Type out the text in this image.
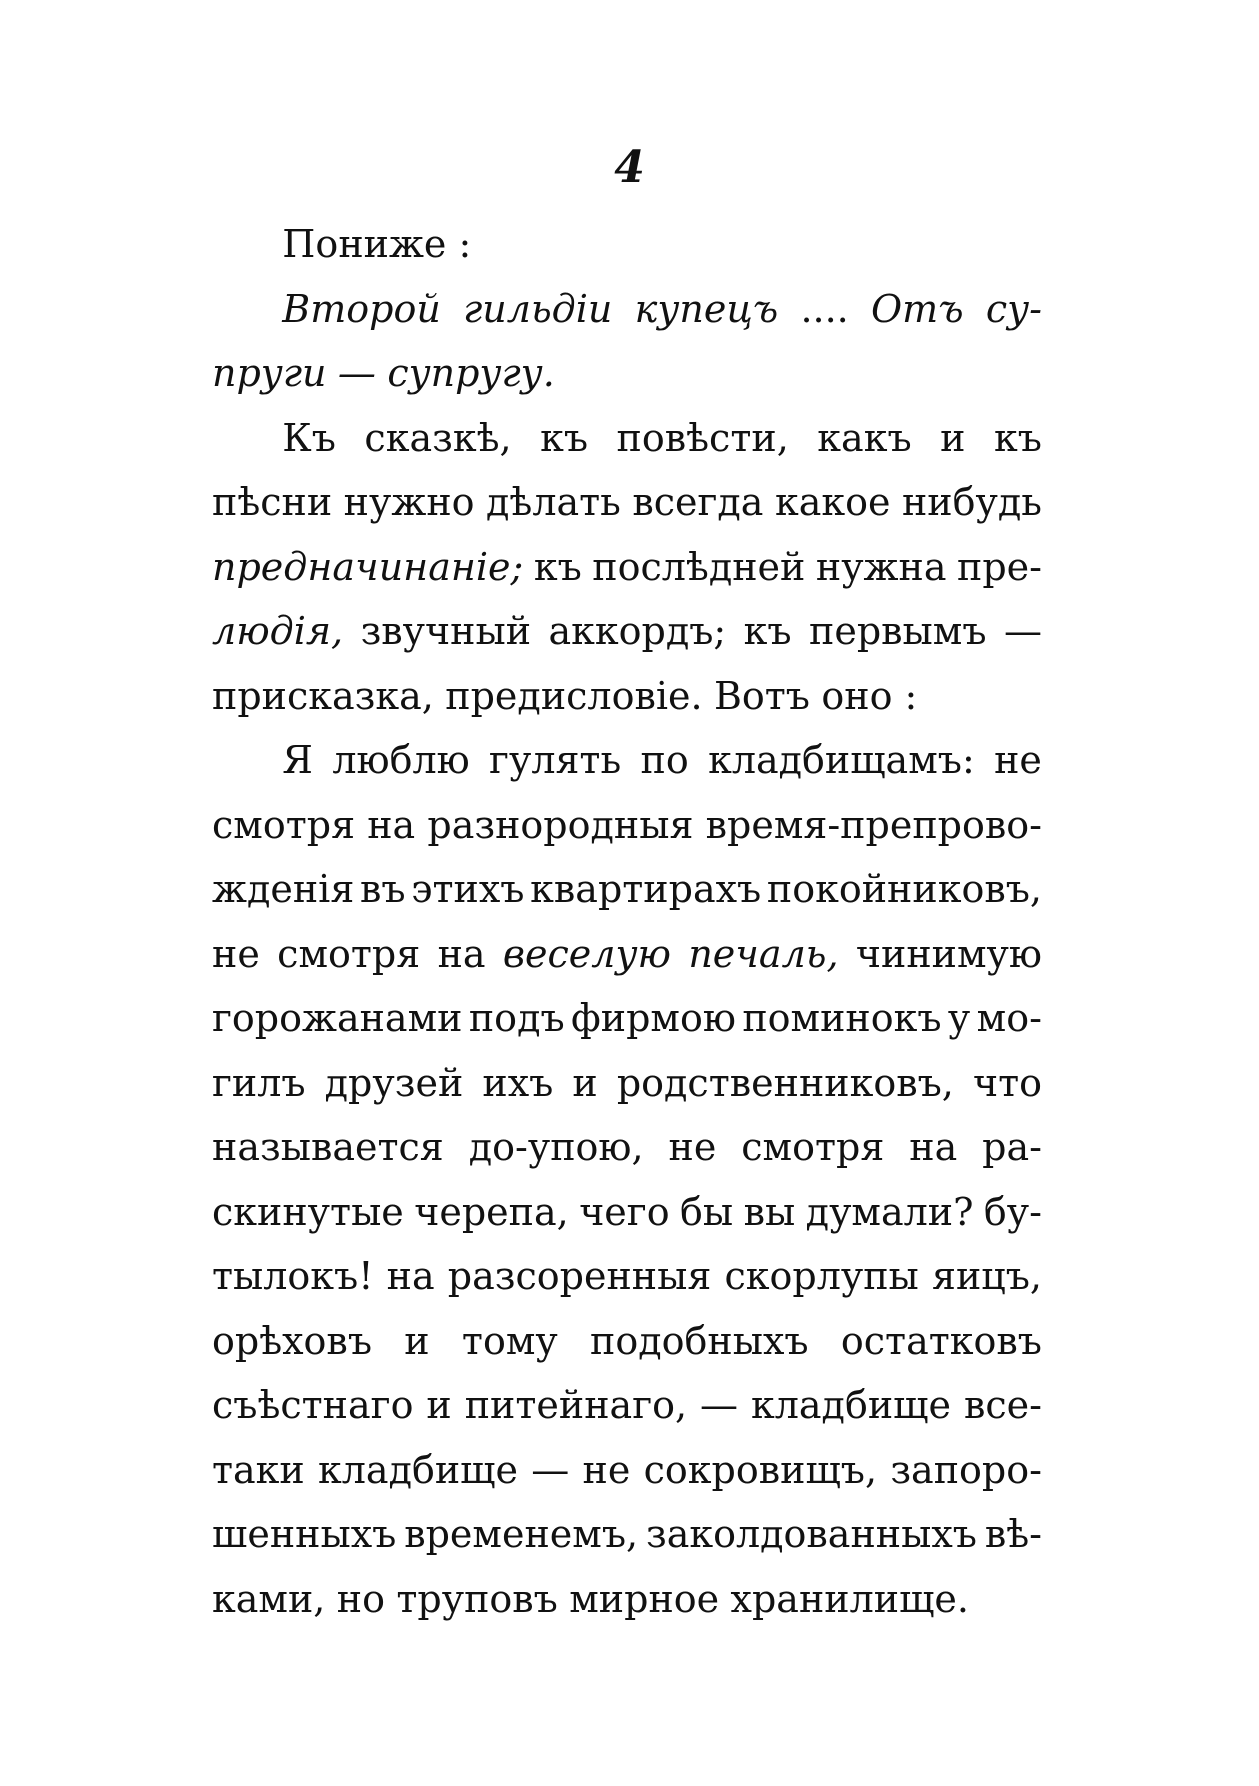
4
Пониже :
Второй гильдіи купецъ .... Отъ су-
пруги — супругу.
Къ сказкѣ, къ повѣсти, какъ и къ
пѣсни нужно дѣлать всегда какое нибудь
предначинаніе; къ послѣдней нужна пре-
людія, звучный аккордъ; къ первымъ —
присказка, предисловіе. Вотъ оно :
Я люблю гулять по кладбищамъ: не
смотря на разнородныя время-препрово-
жденія въ этихъ квартирахъ покойниковъ,
не смотря на веселую печаль, чинимую
горожанами подъ фирмою поминокъ у мо-
гилъ друзей ихъ и родственниковъ, что
называется до-упою, не смотря на ра-
скинутые черепа, чего бы вы думали? бу-
тылокъ! на разсоренныя скорлупы яицъ,
орѣховъ и тому подобныхъ остатковъ
съѣстнаго и питейнаго, — кладбище все-
таки кладбище — не сокровищъ, запоро-
шенныхъ временемъ, заколдованныхъ вѣ-
ками, но труповъ мирное хранилище.
